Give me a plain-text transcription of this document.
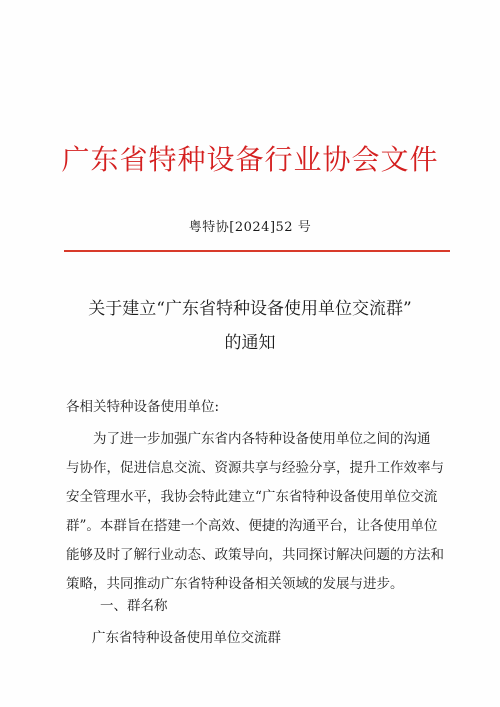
广东省特种设备行业协会文件
粤特协[2024]52 号
关于建立“广东省特种设备使用单位交流群”
的通知
各相关特种设备使用单位:
为了进一步加强广东省内各特种设备使用单位之间的沟通
与协作，促进信息交流、资源共享与经验分享，提升工作效率与
安全管理水平，我协会特此建立“广东省特种设备使用单位交流
群”。本群旨在搭建一个高效、便捷的沟通平台，让各使用单位
能够及时了解行业动态、政策导向，共同探讨解决问题的方法和
策略，共同推动广东省特种设备相关领域的发展与进步。
一、群名称
广东省特种设备使用单位交流群
